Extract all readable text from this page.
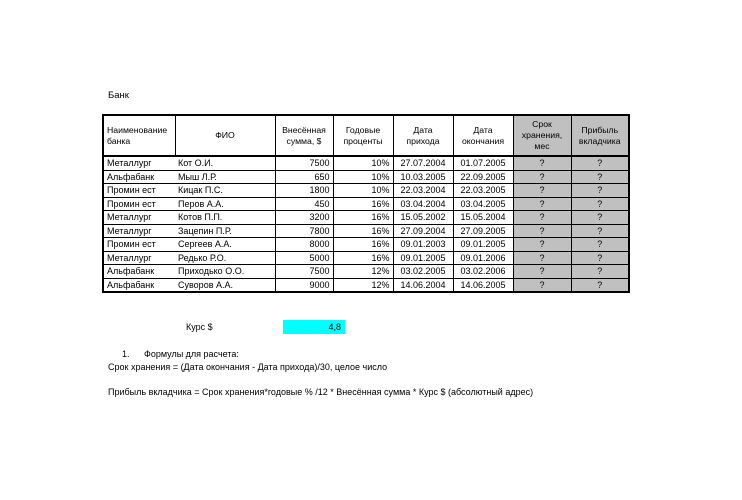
Банк
Наименование банка	ФИО	Внесённая сумма, $	Годовые проценты	Дата прихода	Дата окончания	Срок хранения, мес	Прибыль вкладчика
Металлург	Кот О.И.	7500	10%	27.07.2004	01.07.2005	?	?
Альфабанк	Мыш Л.Р.	650	10%	10.03.2005	22.09.2005	?	?
Промин ест	Кицак П.С.	1800	10%	22.03.2004	22.03.2005	?	?
Промин ест	Перов А.А.	450	16%	03.04.2004	03.04.2005	?	?
Металлург	Котов П.П.	3200	16%	15.05.2002	15.05.2004	?	?
Металлург	Зацепин П.Р.	7800	16%	27.09.2004	27.09.2005	?	?
Промин ест	Сергеев А.А.	8000	16%	09.01.2003	09.01.2005	?	?
Металлург	Редько Р.О.	5000	16%	09.01.2005	09.01.2006	?	?
Альфабанк	Приходько О.О.	7500	12%	03.02.2005	03.02.2006	?	?
Альфабанк	Суворов А.А.	9000	12%	14.06.2004	14.06.2005	?	?
Курс $	4,8
1. Формулы для расчета:
Срок хранения = (Дата окончания - Дата прихода)/30, целое число
Прибыль вкладчика = Срок хранения*годовые % /12 * Внесённая сумма * Курс $ (абсолютный адрес)
